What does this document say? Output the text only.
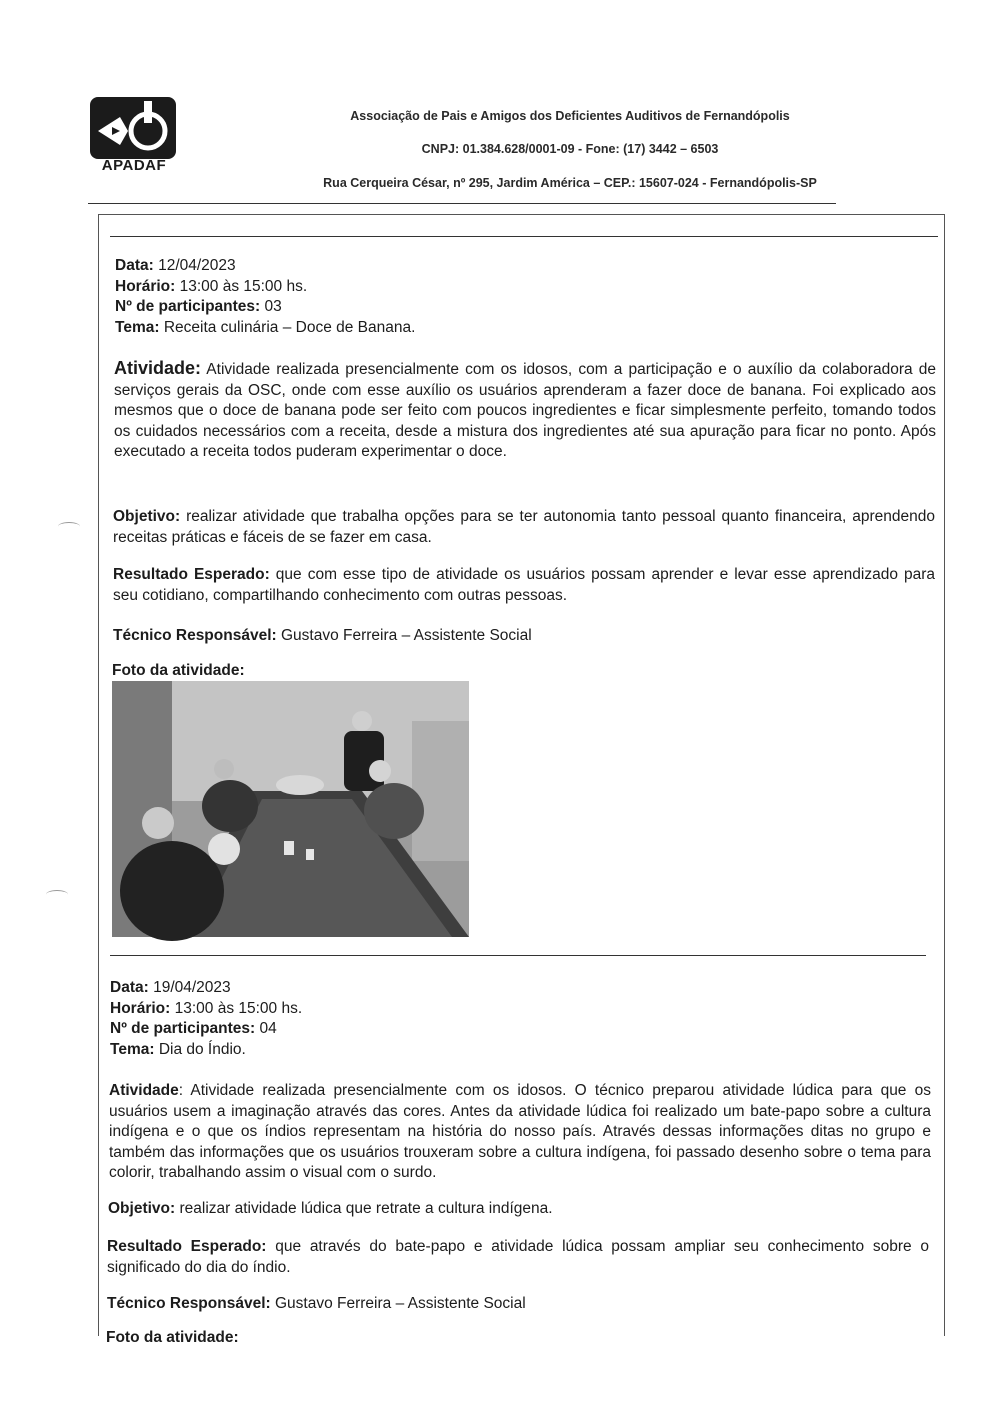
APADAF
Associação de Pais e Amigos dos Deficientes Auditivos de Fernandópolis
CNPJ: 01.384.628/0001-09 - Fone: (17) 3442 – 6503
Rua Cerqueira César, nº 295, Jardim América – CEP.: 15607-024 - Fernandópolis-SP

Data: 12/04/2023

Horário: 13:00 às 15:00 hs.

Nº de participantes: 03

Tema: Receita culinária – Doce de Banana.

Atividade: Atividade realizada presencialmente com os idosos, com a participação e o auxílio da colaboradora de serviços gerais da OSC, onde com esse auxílio os usuários aprenderam a fazer doce de banana. Foi explicado aos mesmos que o doce de banana pode ser feito com poucos ingredientes e ficar simplesmente perfeito, tomando todos os cuidados necessários com a receita, desde a mistura dos ingredientes até sua apuração para ficar no ponto. Após executado a receita todos puderam experimentar o doce.

Objetivo: realizar atividade que trabalha opções para se ter autonomia tanto pessoal quanto financeira, aprendendo receitas práticas e fáceis de se fazer em casa.

Resultado Esperado: que com esse tipo de atividade os usuários possam aprender e levar esse aprendizado para seu cotidiano, compartilhando conhecimento com outras pessoas.

Técnico Responsável: Gustavo Ferreira – Assistente Social

Foto da atividade:

Data: 19/04/2023

Horário: 13:00 às 15:00 hs.

Nº de participantes: 04

Tema: Dia do Índio.

Atividade: Atividade realizada presencialmente com os idosos. O técnico preparou atividade lúdica para que os usuários usem a imaginação através das cores. Antes da atividade lúdica foi realizado um bate-papo sobre a cultura indígena e o que os índios representam na história do nosso país. Através dessas informações ditas no grupo e também das informações que os usuários trouxeram sobre a cultura indígena, foi passado desenho sobre o tema para colorir, trabalhando assim o visual com o surdo.

Objetivo: realizar atividade lúdica que retrate a cultura indígena.

Resultado Esperado: que através do bate-papo e atividade lúdica possam ampliar seu conhecimento sobre o significado do dia do índio.

Técnico Responsável: Gustavo Ferreira – Assistente Social

Foto da atividade:
